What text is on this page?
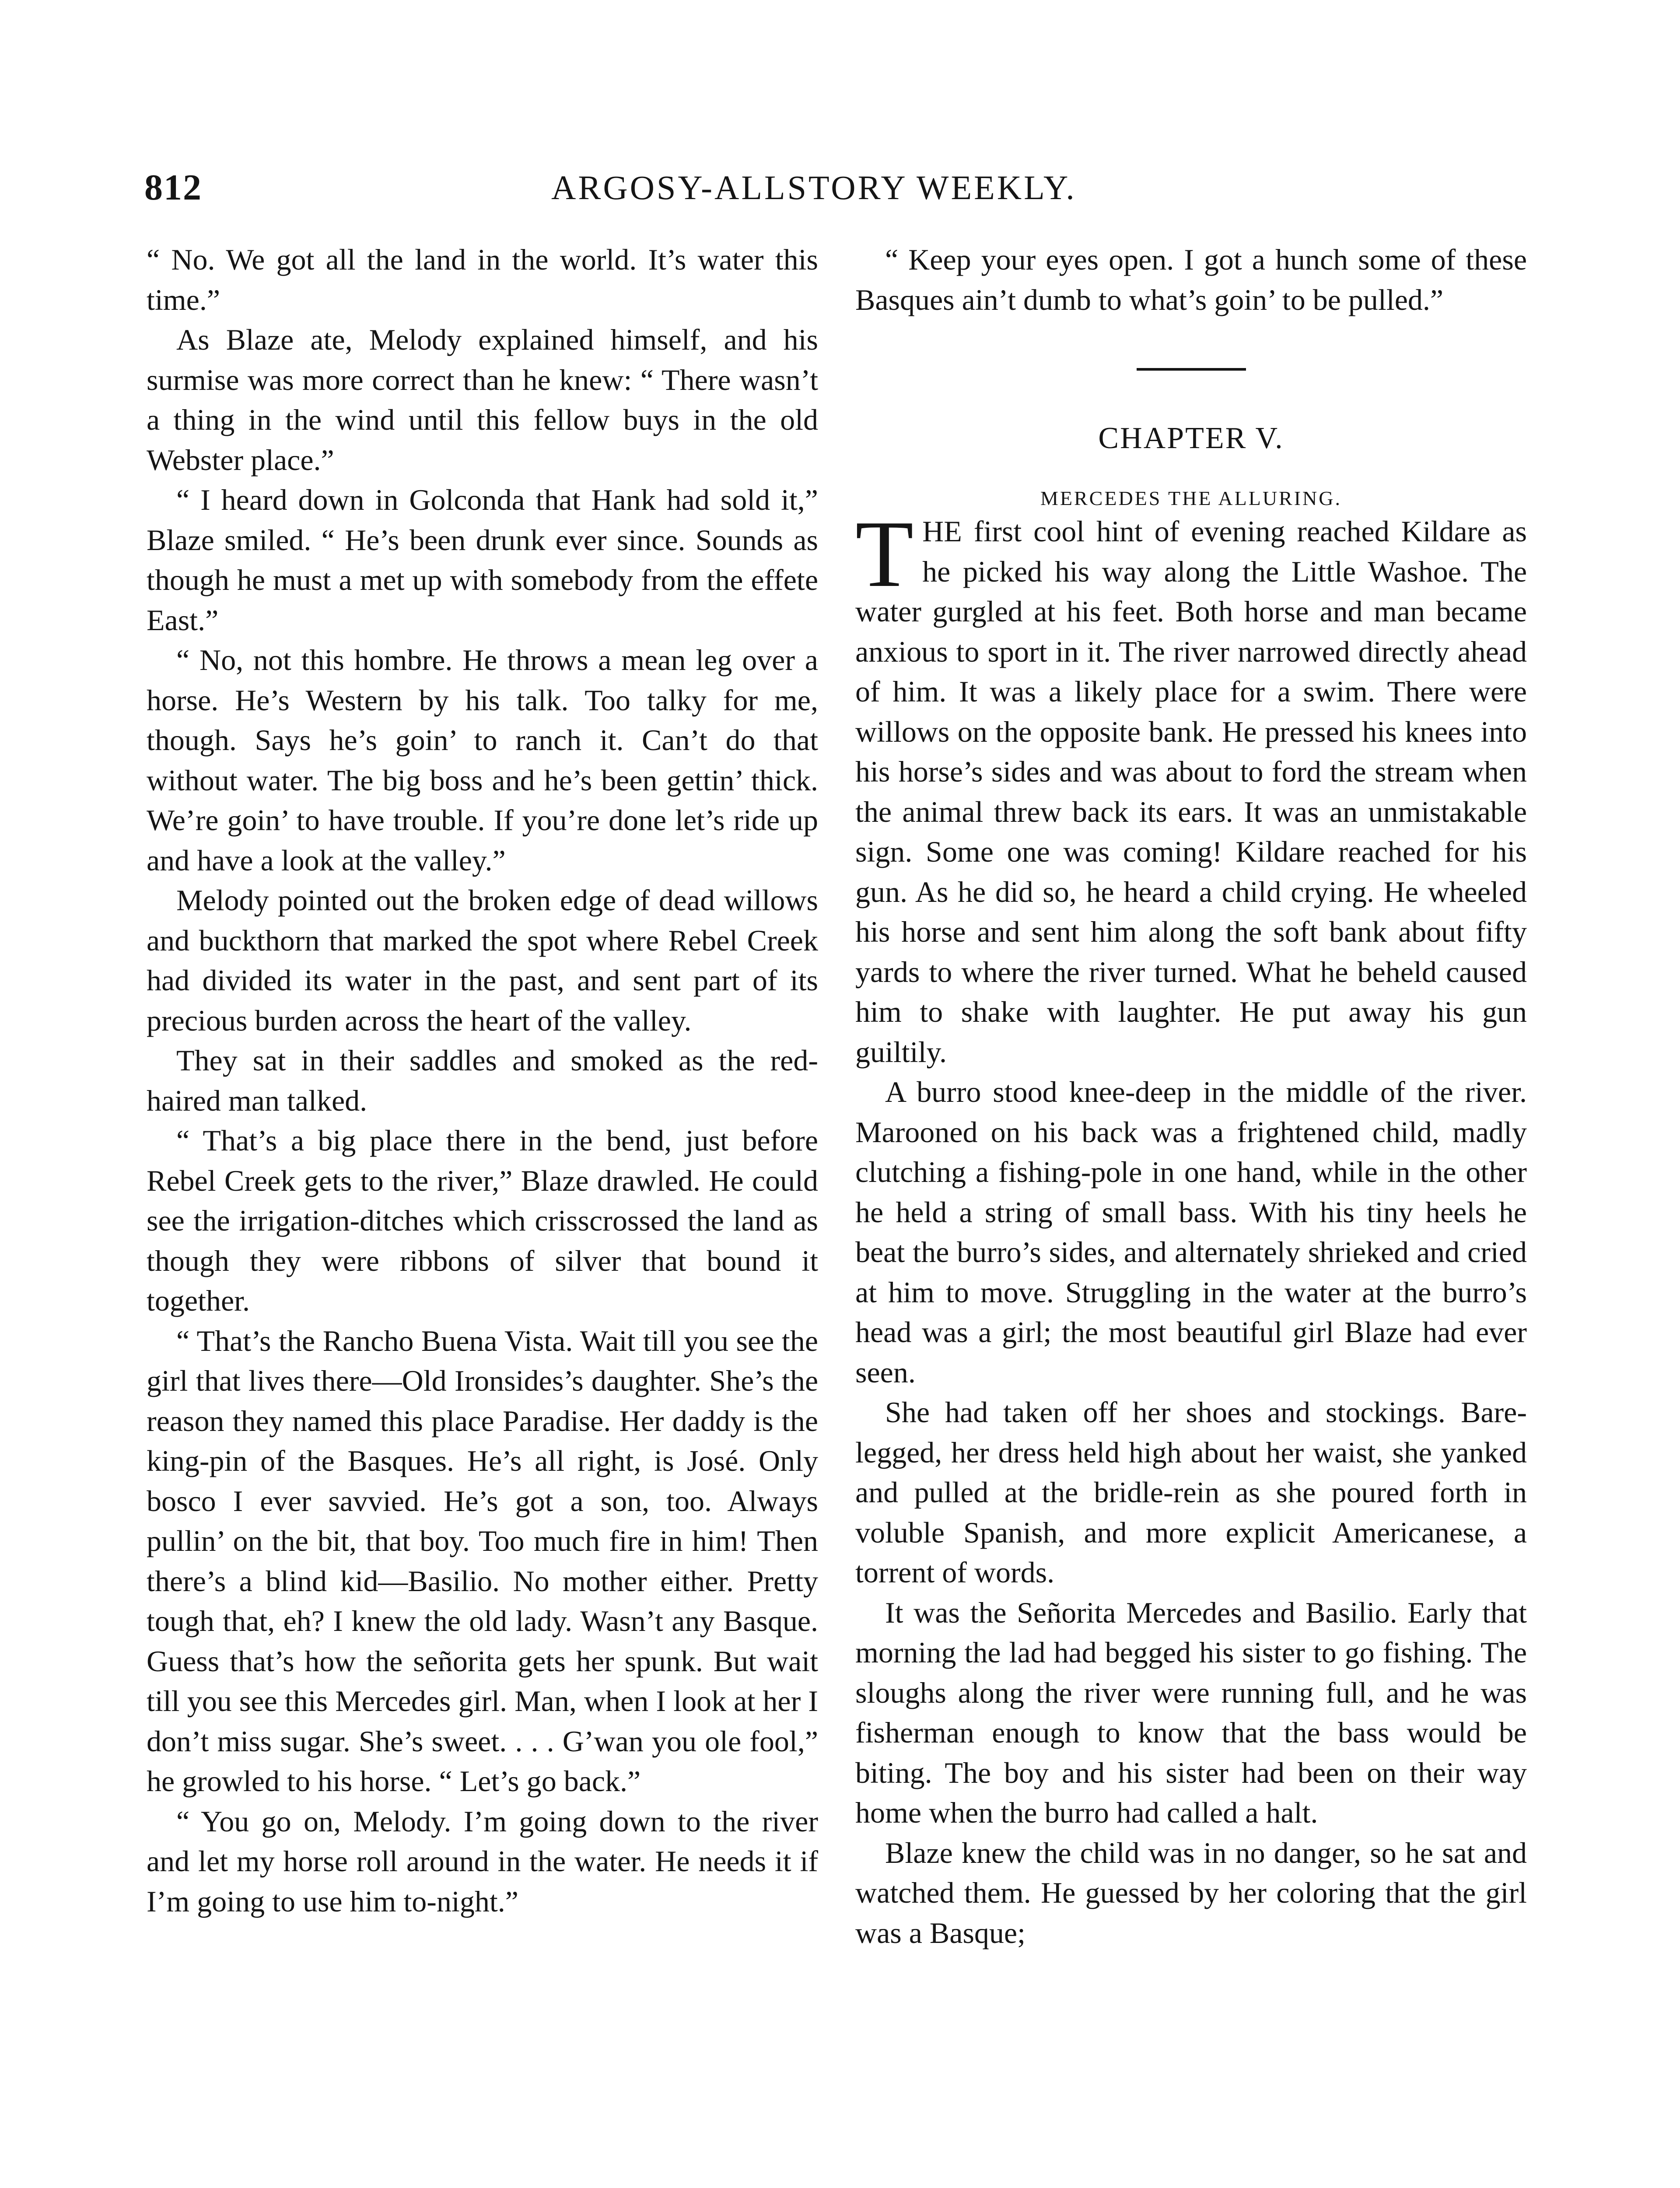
812	ARGOSY-ALLSTORY WEEKLY.

“ No. We got all the land in the world. It’s water this time.”

As Blaze ate, Melody explained himself, and his surmise was more correct than he knew: “ There wasn’t a thing in the wind until this fellow buys in the old Webster place.”

“ I heard down in Golconda that Hank had sold it,” Blaze smiled. “ He’s been drunk ever since. Sounds as though he must a met up with somebody from the effete East.”

“ No, not this hombre. He throws a mean leg over a horse. He’s Western by his talk. Too talky for me, though. Says he’s goin’ to ranch it. Can’t do that without water. The big boss and he’s been gettin’ thick. We’re goin’ to have trouble. If you’re done let’s ride up and have a look at the valley.”

Melody pointed out the broken edge of dead willows and buckthorn that marked the spot where Rebel Creek had divided its water in the past, and sent part of its precious burden across the heart of the valley.

They sat in their saddles and smoked as the red-haired man talked.

“ That’s a big place there in the bend, just before Rebel Creek gets to the river,” Blaze drawled. He could see the irrigation-ditches which crisscrossed the land as though they were ribbons of silver that bound it together.

“ That’s the Rancho Buena Vista. Wait till you see the girl that lives there—Old Ironsides’s daughter. She’s the reason they named this place Paradise. Her daddy is the king-pin of the Basques. He’s all right, is José. Only bosco I ever savvied. He’s got a son, too. Always pullin’ on the bit, that boy. Too much fire in him! Then there’s a blind kid—Basilio. No mother either. Pretty tough that, eh? I knew the old lady. Wasn’t any Basque. Guess that’s how the señorita gets her spunk. But wait till you see this Mercedes girl. Man, when I look at her I don’t miss sugar. She’s sweet. . . . G’wan you ole fool,” he growled to his horse. “ Let’s go back.”

“ You go on, Melody. I’m going down to the river and let my horse roll around in the water. He needs it if I’m going to use him to-night.”

“ Keep your eyes open. I got a hunch some of these Basques ain’t dumb to what’s goin’ to be pulled.”

CHAPTER V.
MERCEDES THE ALLURING.

THE first cool hint of evening reached Kildare as he picked his way along the Little Washoe. The water gurgled at his feet. Both horse and man became anxious to sport in it. The river narrowed directly ahead of him. It was a likely place for a swim. There were willows on the opposite bank. He pressed his knees into his horse’s sides and was about to ford the stream when the animal threw back its ears. It was an unmistakable sign. Some one was coming! Kildare reached for his gun. As he did so, he heard a child crying. He wheeled his horse and sent him along the soft bank about fifty yards to where the river turned. What he beheld caused him to shake with laughter. He put away his gun guiltily.

A burro stood knee-deep in the middle of the river. Marooned on his back was a frightened child, madly clutching a fishing-pole in one hand, while in the other he held a string of small bass. With his tiny heels he beat the burro’s sides, and alternately shrieked and cried at him to move. Struggling in the water at the burro’s head was a girl; the most beautiful girl Blaze had ever seen.

She had taken off her shoes and stockings. Bare-legged, her dress held high about her waist, she yanked and pulled at the bridle-rein as she poured forth in voluble Spanish, and more explicit Americanese, a torrent of words.

It was the Señorita Mercedes and Basilio. Early that morning the lad had begged his sister to go fishing. The sloughs along the river were running full, and he was fisherman enough to know that the bass would be biting. The boy and his sister had been on their way home when the burro had called a halt.

Blaze knew the child was in no danger, so he sat and watched them. He guessed by her coloring that the girl was a Basque;
